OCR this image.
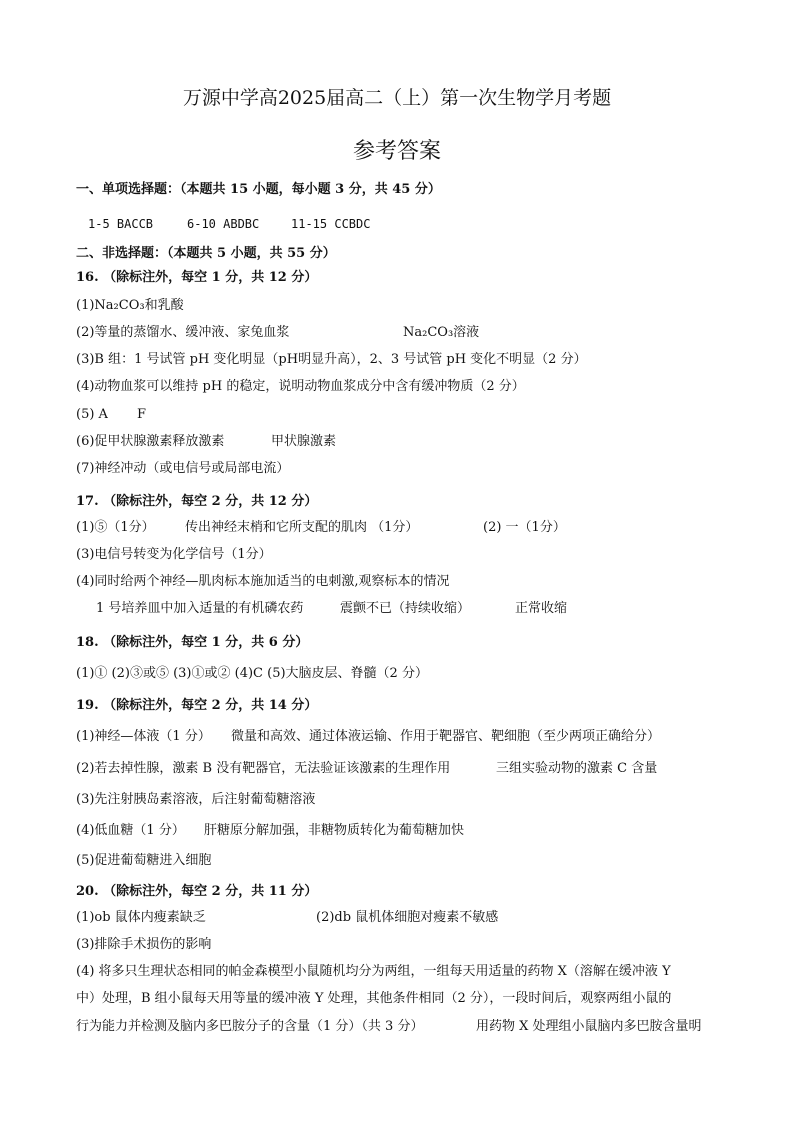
万源中学高2025届高二（上）第一次生物学月考题
参考答案
一、单项选择题：（本题共 15 小题，每小题 3 分，共 45 分）
1-5 BACCB	6-10 ABDBC	11-15 CCBDC
二、非选择题：（本题共 5 小题，共 55 分）
16. （除标注外，每空 1 分，共 12 分）
(1)Na₂CO₃和乳酸
(2)等量的蒸馏水、缓冲液、家兔血浆	Na₂CO₃溶液
(3)B 组：1 号试管 pH 变化明显（pH明显升高），2、3 号试管 pH 变化不明显（2 分）
(4)动物血浆可以维持 pH 的稳定，说明动物血浆成分中含有缓冲物质（2 分）
(5) A F
(6)促甲状腺激素释放激素	甲状腺激素
(7)神经冲动（或电信号或局部电流）
17. （除标注外，每空 2 分，共 12 分）
(1)⑤（1分） 传出神经末梢和它所支配的肌肉 （1分）	(2) 一（1分）
(3)电信号转变为化学信号（1分）
(4)同时给两个神经—肌肉标本施加适当的电刺激,观察标本的情况
1 号培养皿中加入适量的有机磷农药	震颤不已（持续收缩）	正常收缩
18. （除标注外，每空 1 分，共 6 分）
(1)① (2)③或⑤ (3)①或② (4)C (5)大脑皮层、脊髓（2 分）
19. （除标注外，每空 2 分，共 14 分）
(1)神经—体液（1 分） 微量和高效、通过体液运输、作用于靶器官、靶细胞（至少两项正确给分）
(2)若去掉性腺，激素 B 没有靶器官，无法验证该激素的生理作用	三组实验动物的激素 C 含量
(3)先注射胰岛素溶液，后注射葡萄糖溶液
(4)低血糖（1 分） 肝糖原分解加强，非糖物质转化为葡萄糖加快
(5)促进葡萄糖进入细胞
20. （除标注外，每空 2 分，共 11 分）
(1)ob 鼠体内瘦素缺乏	(2)db 鼠机体细胞对瘦素不敏感
(3)排除手术损伤的影响
(4) 将多只生理状态相同的帕金森模型小鼠随机均分为两组，一组每天用适量的药物 X（溶解在缓冲液 Y
中）处理，B 组小鼠每天用等量的缓冲液 Y 处理，其他条件相同（2 分），一段时间后，观察两组小鼠的
行为能力并检测及脑内多巴胺分子的含量（1 分）（共 3 分）	用药物 X 处理组小鼠脑内多巴胺含量明
